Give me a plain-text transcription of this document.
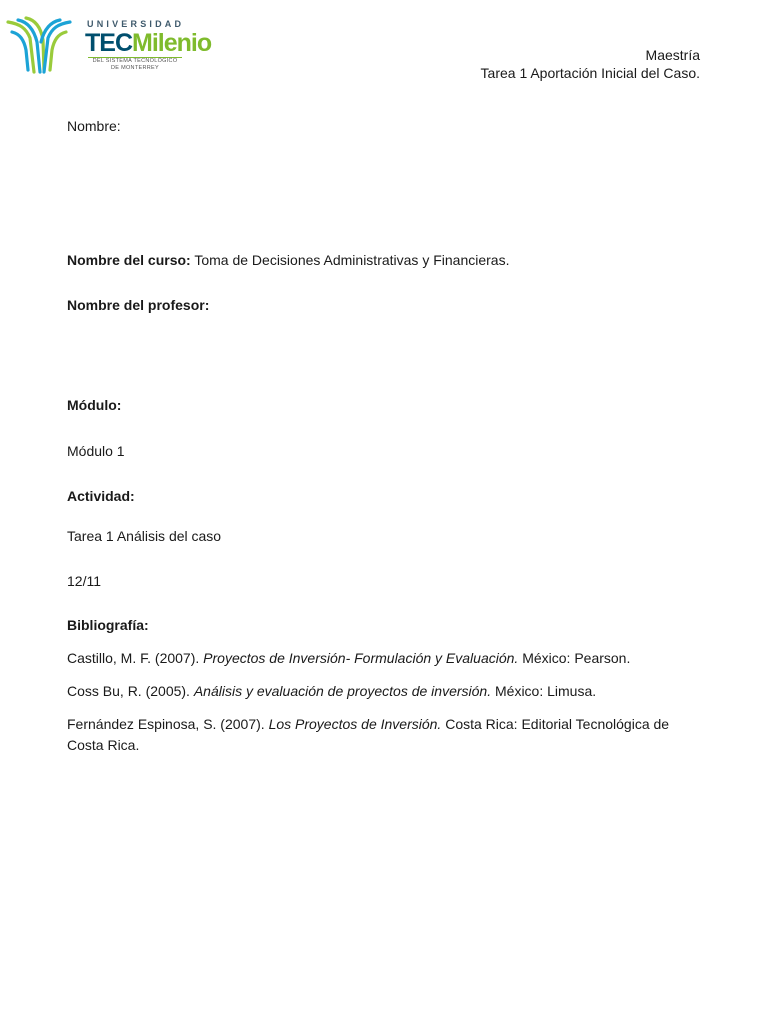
UNIVERSIDAD
TECMilenio
DEL SISTEMA TECNOLÓGICO
DE MONTERREY
Maestría
Tarea 1 Aportación Inicial del Caso.
Nombre:
Nombre del curso: Toma de Decisiones Administrativas y Financieras.
Nombre del profesor:
Módulo:
Módulo 1
Actividad:
Tarea 1 Análisis del caso
12/11
Bibliografía:

Castillo, M. F. (2007). Proyectos de Inversión- Formulación y Evaluación. México: Pearson.

Coss Bu, R. (2005). Análisis y evaluación de proyectos de inversión. México: Limusa.

Fernández Espinosa, S. (2007). Los Proyectos de Inversión. Costa Rica: Editorial Tecnológica de Costa Rica.
